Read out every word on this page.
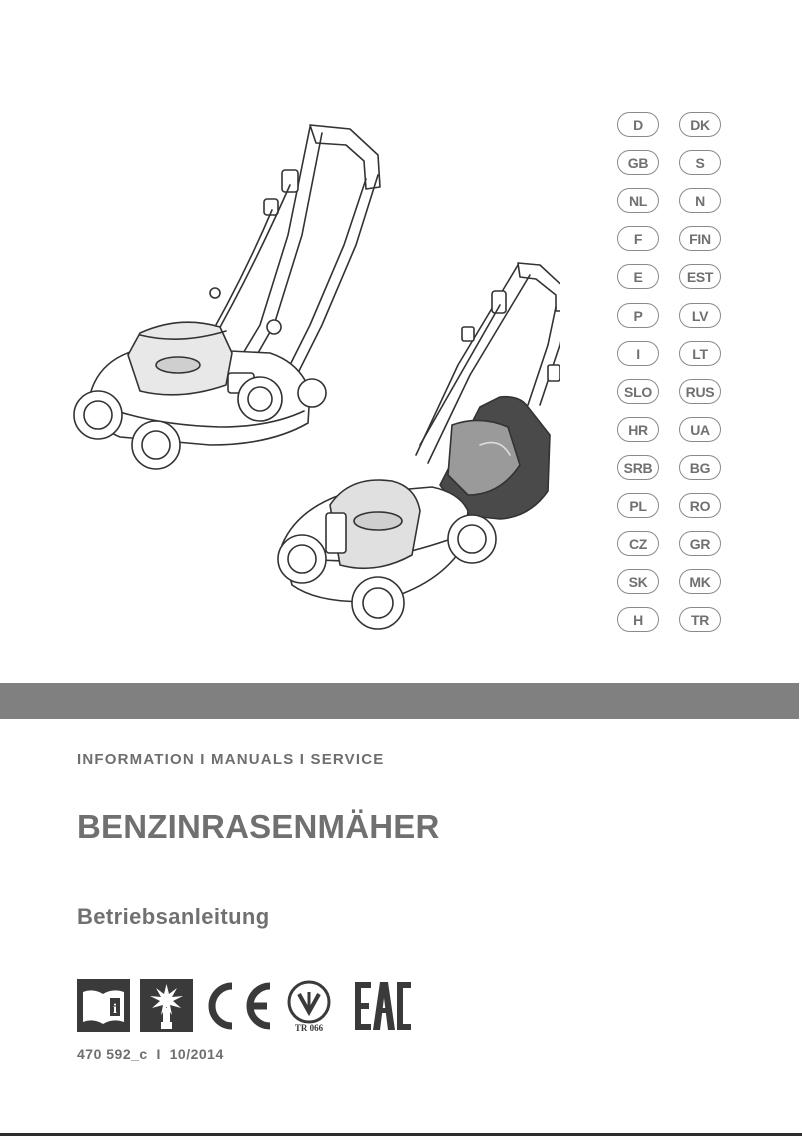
D
GB
NL
F
E
P
I
SLO
HR
SRB
PL
CZ
SK
H
DK
S
N
FIN
EST
LV
LT
RUS
UA
BG
RO
GR
MK
TR
INFORMATION I MANUALS I SERVICE
BENZINRASENMÄHER
Betriebsanleitung
i
TR 066
470 592_c  I  10/2014
